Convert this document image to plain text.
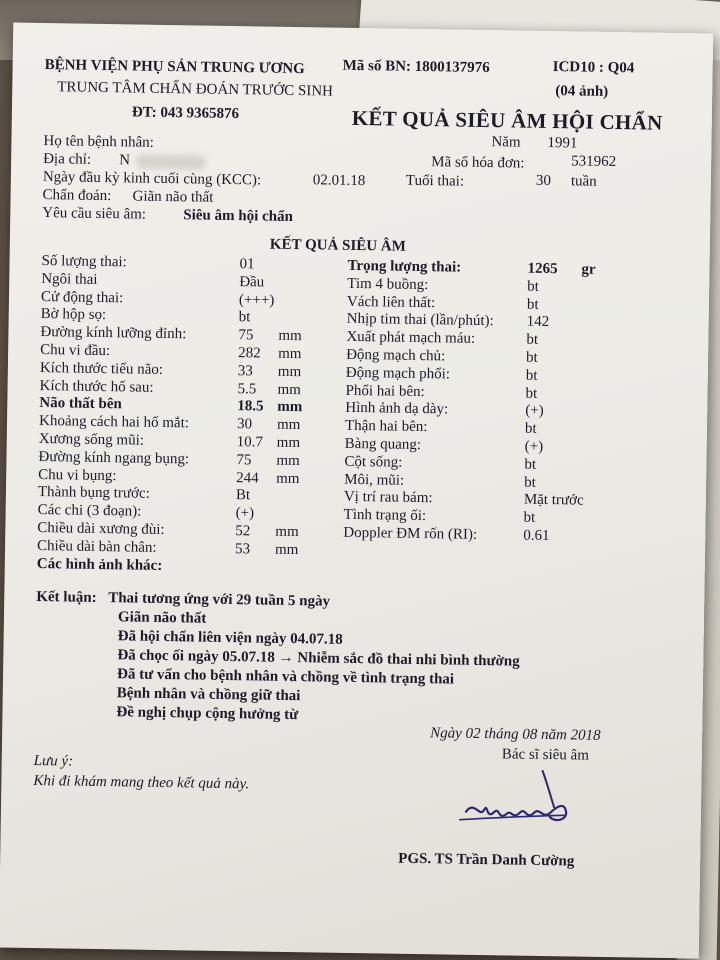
BỆNH VIỆN PHỤ SẢN TRUNG ƯƠNG
TRUNG TÂM CHẨN ĐOÁN TRƯỚC SINH
ĐT: 043 9365876
Mã số BN: 1800137976	ICD10 : Q04
(04 ảnh)
KẾT QUẢ SIÊU ÂM HỘI CHẨN
Họ tên bệnh nhân:	Năm 1991
Địa chỉ: N	Mã số hóa đơn:	531962
Ngày đầu kỳ kinh cuối cùng (KCC):	02.01.18	Tuổi thai:	30 tuần
Chẩn đoán: Giãn não thất
Yêu cầu siêu âm: Siêu âm hội chẩn
KẾT QUẢ SIÊU ÂM
Số lượng thai:	01
Ngôi thai	Đầu
Cử động thai:	(+++)
Bờ hộp sọ:	bt
Đường kính lưỡng đỉnh:	75 mm
Chu vi đầu:	282 mm
Kích thước tiểu não:	33 mm
Kích thước hố sau:	5.5 mm
Não thất bên	18.5 mm
Khoảng cách hai hố mắt:	30 mm
Xương sống mũi:	10.7 mm
Đường kính ngang bụng:	75 mm
Chu vi bụng:	244 mm
Thành bụng trước:	Bt
Các chi (3 đoạn):	(+)
Chiều dài xương đùi:	52 mm
Chiều dài bàn chân:	53 mm
Các hình ảnh khác:
Trọng lượng thai:	1265 gr
Tim 4 buồng:	bt
Vách liên thất:	bt
Nhịp tim thai (lần/phút): 142
Xuất phát mạch máu:	bt
Động mạch chủ:	bt
Động mạch phổi:	bt
Phổi hai bên:	bt
Hình ảnh dạ dày:	(+)
Thận hai bên:	bt
Bàng quang:	(+)
Cột sống:	bt
Môi, mũi:	bt
Vị trí rau bám:	Mặt trước
Tình trạng ối:	bt
Doppler ĐM rốn (RI):	0.61
Kết luận: Thai tương ứng với 29 tuần 5 ngày
Giãn não thất
Đã hội chẩn liên viện ngày 04.07.18
Đã chọc ối ngày 05.07.18 → Nhiễm sắc đồ thai nhi bình thường
Đã tư vấn cho bệnh nhân và chồng về tình trạng thai
Bệnh nhân và chồng giữ thai
Đề nghị chụp cộng hưởng từ
Ngày 02 tháng 08 năm 2018
Bác sĩ siêu âm
Lưu ý:
Khi đi khám mang theo kết quả này.
PGS. TS Trần Danh Cường
